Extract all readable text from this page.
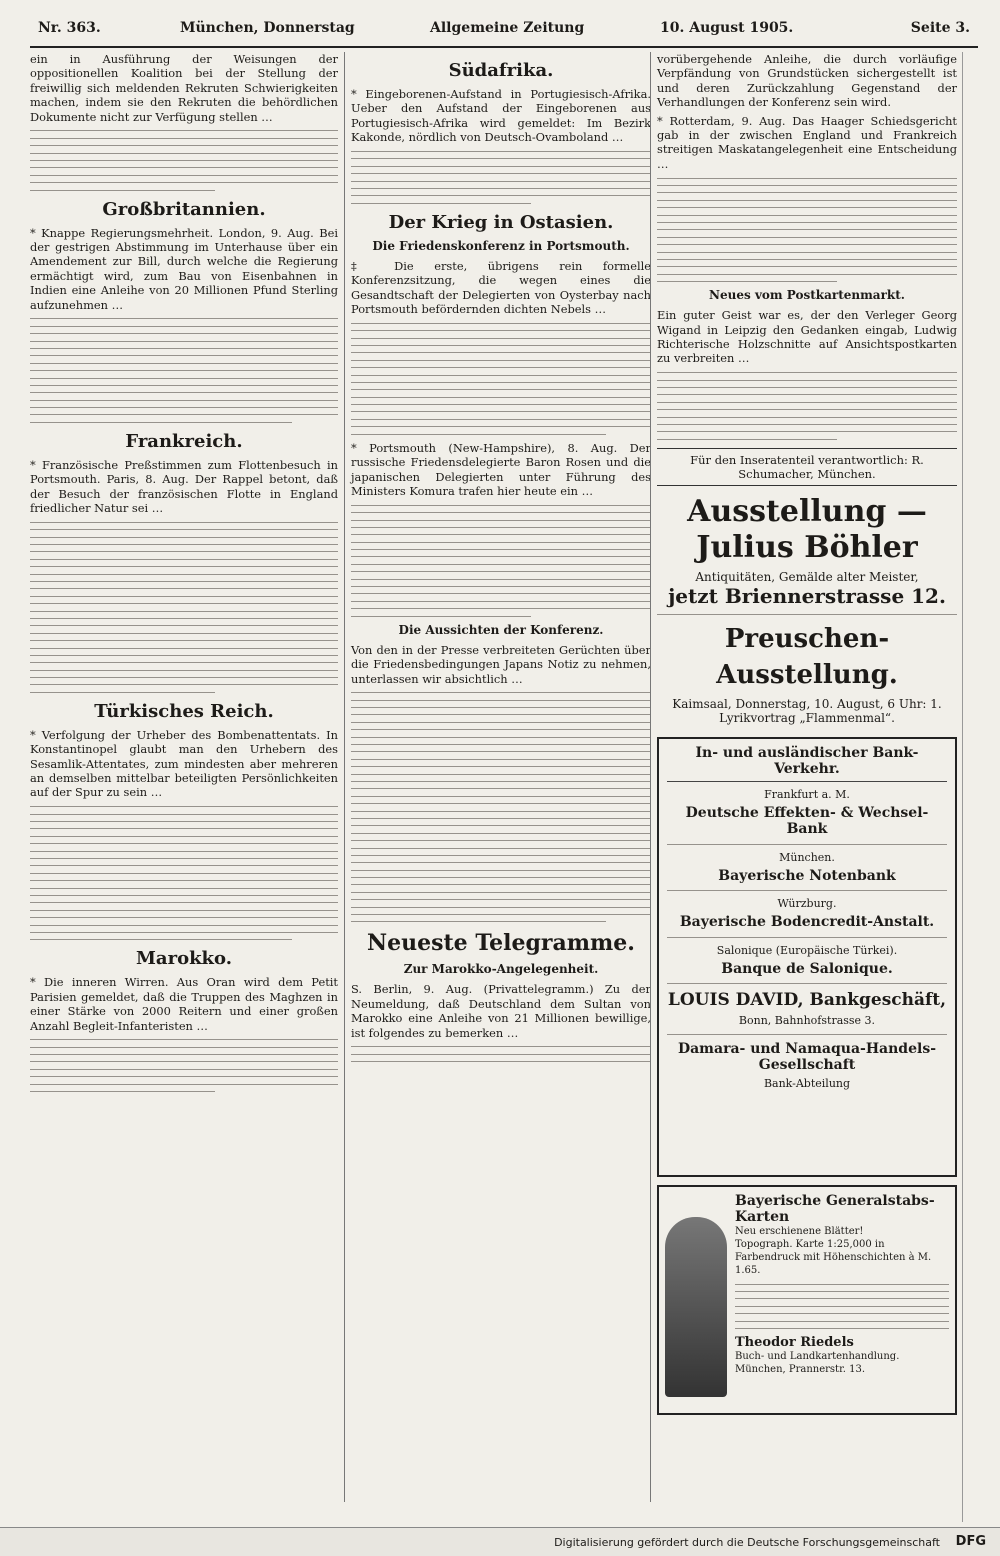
Nr. 363.	München, Donnerstag	Allgemeine Zeitung	10. August 1905.	Seite 3.

ein in Ausführung der Weisungen der oppositionellen Koalition bei der Stellung der freiwillig sich meldenden Rekruten Schwierigkeiten machen, indem sie den Rekruten die behördlichen Dokumente nicht zur Verfügung stellen …

Großbritannien.

* Knappe Regierungsmehrheit. London, 9. Aug. Bei der gestrigen Abstimmung im Unterhause über ein Amendement zur Bill, durch welche die Regierung ermächtigt wird, zum Bau von Eisenbahnen in Indien eine Anleihe von 20 Millionen Pfund Sterling aufzunehmen …

Frankreich.

* Französische Preßstimmen zum Flottenbesuch in Portsmouth. Paris, 8. Aug. Der Rappel betont, daß der Besuch der französischen Flotte in England friedlicher Natur sei …

Türkisches Reich.

* Verfolgung der Urheber des Bombenattentats. In Konstantinopel glaubt man den Urhebern des Sesamlik-Attentates, zum mindesten aber mehreren an demselben mittelbar beteiligten Persönlichkeiten auf der Spur zu sein …

Marokko.

* Die inneren Wirren. Aus Oran wird dem Petit Parisien gemeldet, daß die Truppen des Maghzen in einer Stärke von 2000 Reitern und einer großen Anzahl Begleit-Infanteristen …

Südafrika.

* Eingeborenen-Aufstand in Portugiesisch-Afrika. Ueber den Aufstand der Eingeborenen aus Portugiesisch-Afrika wird gemeldet: Im Bezirk Kakonde, nördlich von Deutsch-Ovamboland …

Der Krieg in Ostasien.
Die Friedenskonferenz in Portsmouth.

‡ Die erste, übrigens rein formelle Konferenzsitzung, die wegen eines die Gesandtschaft der Delegierten von Oysterbay nach Portsmouth befördernden dichten Nebels …

* Portsmouth (New-Hampshire), 8. Aug. Der russische Friedensdelegierte Baron Rosen und die japanischen Delegierten unter Führung des Ministers Komura trafen hier heute ein …

Die Aussichten der Konferenz.

Von den in der Presse verbreiteten Gerüchten über die Friedensbedingungen Japans Notiz zu nehmen, unterlassen wir absichtlich …

Neueste Telegramme.
Zur Marokko-Angelegenheit.

S. Berlin, 9. Aug. (Privattelegramm.) Zu der Neumeldung, daß Deutschland dem Sultan von Marokko eine Anleihe von 21 Millionen bewillige, ist folgendes zu bemerken …

vorübergehende Anleihe, die durch vorläufige Verpfändung von Grundstücken sichergestellt ist und deren Zurückzahlung Gegenstand der Verhandlungen der Konferenz sein wird.

* Rotterdam, 9. Aug. Das Haager Schiedsgericht gab in der zwischen England und Frankreich streitigen Maskatangelegenheit eine Entscheidung …

Neues vom Postkartenmarkt.

Ein guter Geist war es, der den Verleger Georg Wigand in Leipzig den Gedanken eingab, Ludwig Richterische Holzschnitte auf Ansichtspostkarten zu verbreiten …

Für den Inseratenteil verantwortlich: R. Schumacher, München.
Ausstellung — Julius Böhler
Antiquitäten, Gemälde alter Meister,
jetzt Briennerstrasse 12.
Preuschen-Ausstellung.
Kaimsaal, Donnerstag, 10. August, 6 Uhr: 1. Lyrikvortrag „Flammenmal“.
In- und ausländischer Bank-Verkehr.
Frankfurt a. M.
Deutsche Effekten- & Wechsel-Bank
München.
Bayerische Notenbank
Würzburg.
Bayerische Bodencredit-Anstalt.
Salonique (Europäische Türkei).
Banque de Salonique.
LOUIS DAVID, Bankgeschäft,
Bonn, Bahnhofstrasse 3.
Damara- und Namaqua-Handels-Gesellschaft
Bank-Abteilung
Bayerische Generalstabs-Karten
Neu erschienene Blätter!
Topograph. Karte 1:25,000 in Farbendruck mit Höhenschichten à M. 1.65.
Theodor Riedels
Buch- und Landkartenhandlung. München, Prannerstr. 13.
Digitalisierung gefördert durch die Deutsche Forschungsgemeinschaft DFG
